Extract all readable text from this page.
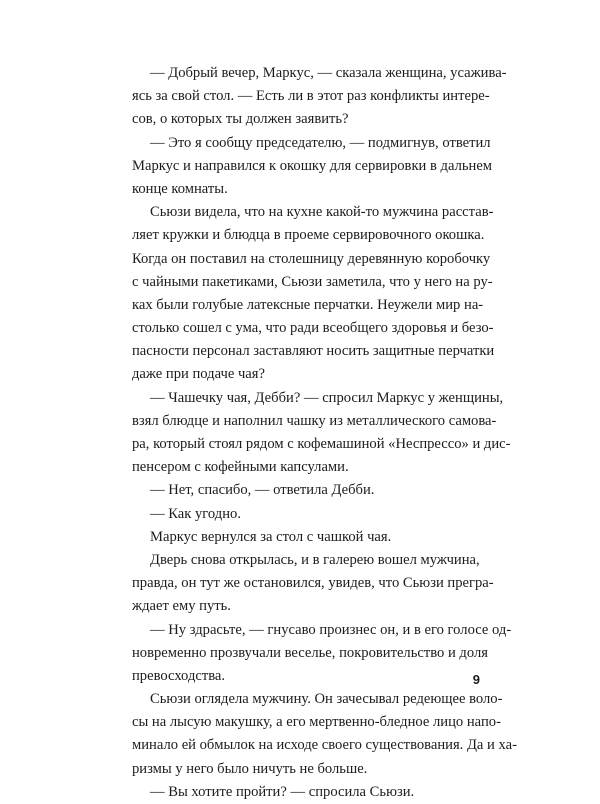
— Добрый вечер, Маркус, — сказала женщина, усажива-
ясь за свой стол. — Есть ли в этот раз конфликты интере-
сов, о которых ты должен заявить?
— Это я сообщу председателю, — подмигнув, ответил
Маркус и направился к окошку для сервировки в дальнем
конце комнаты.
Сьюзи видела, что на кухне какой-то мужчина расстав-
ляет кружки и блюдца в проеме сервировочного окошка.
Когда он поставил на столешницу деревянную коробочку
с чайными пакетиками, Сьюзи заметила, что у него на ру-
ках были голубые латексные перчатки. Неужели мир на-
столько сошел с ума, что ради всеобщего здоровья и безо-
пасности персонал заставляют носить защитные перчатки
даже при подаче чая?
— Чашечку чая, Дебби? — спросил Маркус у женщины,
взял блюдце и наполнил чашку из металлического самова-
ра, который стоял рядом с кофемашиной «Неспрессо» и дис-
пенсером с кофейными капсулами.
— Нет, спасибо, — ответила Дебби.
— Как угодно.
Маркус вернулся за стол с чашкой чая.
Дверь снова открылась, и в галерею вошел мужчина,
правда, он тут же остановился, увидев, что Сьюзи прегра-
ждает ему путь.
— Ну здрасьте, — гнусаво произнес он, и в его голосе од-
новременно прозвучали веселье, покровительство и доля
превосходства.
Сьюзи оглядела мужчину. Он зачесывал редеющее воло-
сы на лысую макушку, а его мертвенно-бледное лицо напо-
минало ей обмылок на исходе своего существования. Да и ха-
ризмы у него было ничуть не больше.
— Вы хотите пройти? — спросила Сьюзи.
9
